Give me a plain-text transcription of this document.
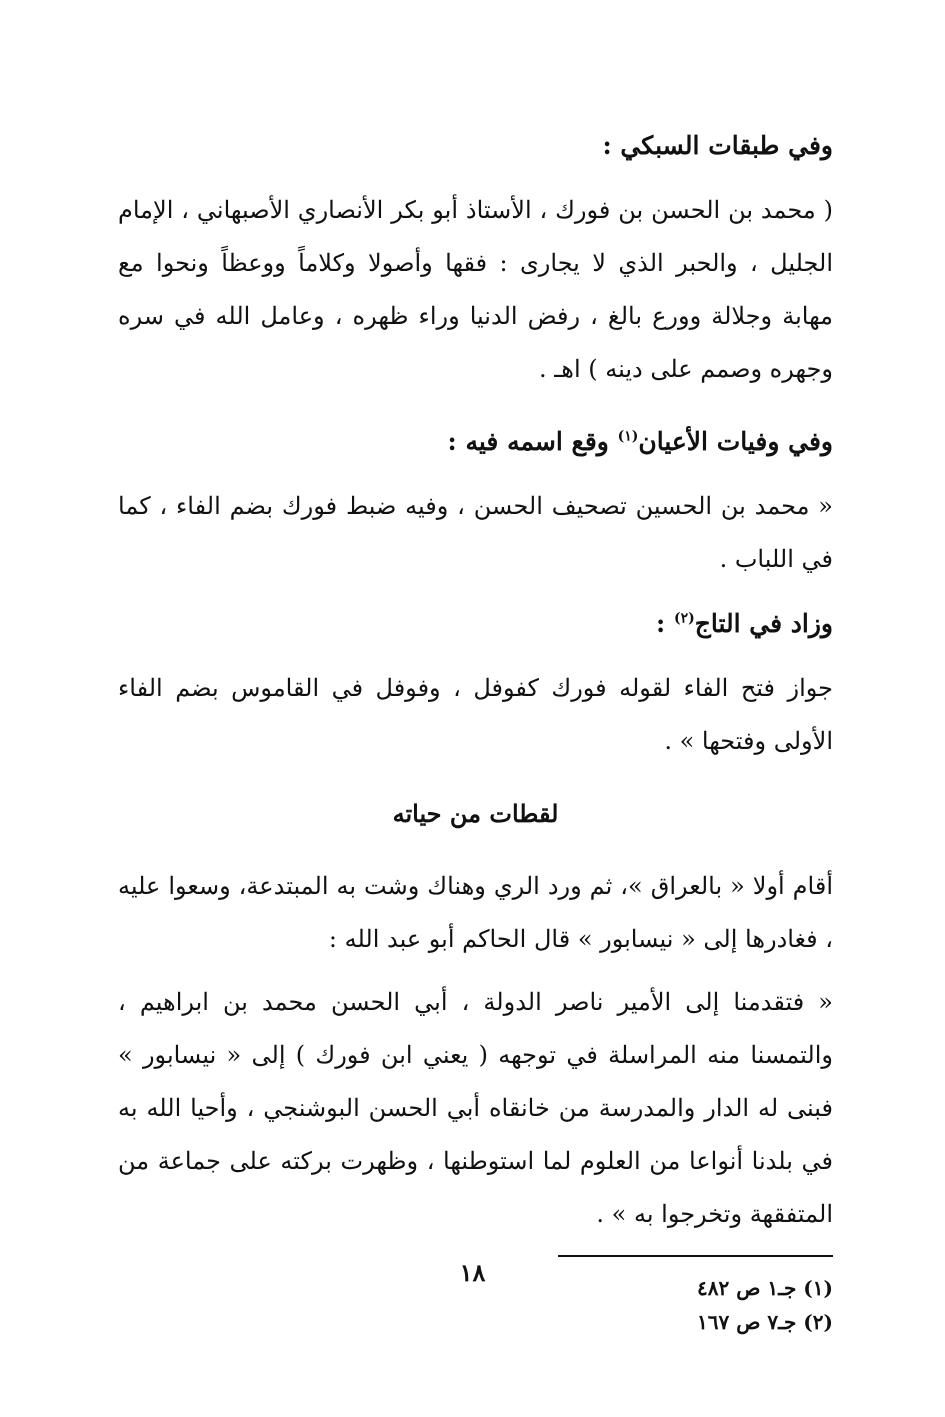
وفي طبقات السبكي :

( محمد بن الحسن بن فورك ، الأستاذ أبو بكر الأنصاري الأصبهاني ، الإمام الجليل ، والحبر الذي لا يجارى : فقها وأصولا وكلاماً ووعظاً ونحوا مع مهابة وجلالة وورع بالغ ، رفض الدنيا وراء ظهره ، وعامل الله في سره وجهره وصمم على دينه ) اهـ .

وفي وفيات الأعيان$^{(١)}$ وقع اسمه فيه :

« محمد بن الحسين تصحيف الحسن ، وفيه ضبط فورك بضم الفاء ، كما في اللباب .

وزاد في التاج$^{(٢)}$ :

جواز فتح الفاء لقوله فورك كفوفل ، وفوفل في القاموس بضم الفاء الأولى وفتحها » .

لقطات من حياته

أقام أولا « بالعراق »، ثم ورد الري وهناك وشت به المبتدعة، وسعوا عليه ، فغادرها إلى « نيسابور » قال الحاكم أبو عبد الله :

« فتقدمنا إلى الأمير ناصر الدولة ، أبي الحسن محمد بن ابراهيم ، والتمسنا منه المراسلة في توجهه ( يعني ابن فورك ) إلى « نيسابور » فبنى له الدار والمدرسة من خانقاه أبي الحسن البوشنجي ، وأحيا الله به في بلدنا أنواعا من العلوم لما استوطنها ، وظهرت بركته على جماعة من المتفقهة وتخرجوا به » .

(١) جـ١ ص ٤٨٢

(٢) جـ٧ ص ١٦٧

١٨
